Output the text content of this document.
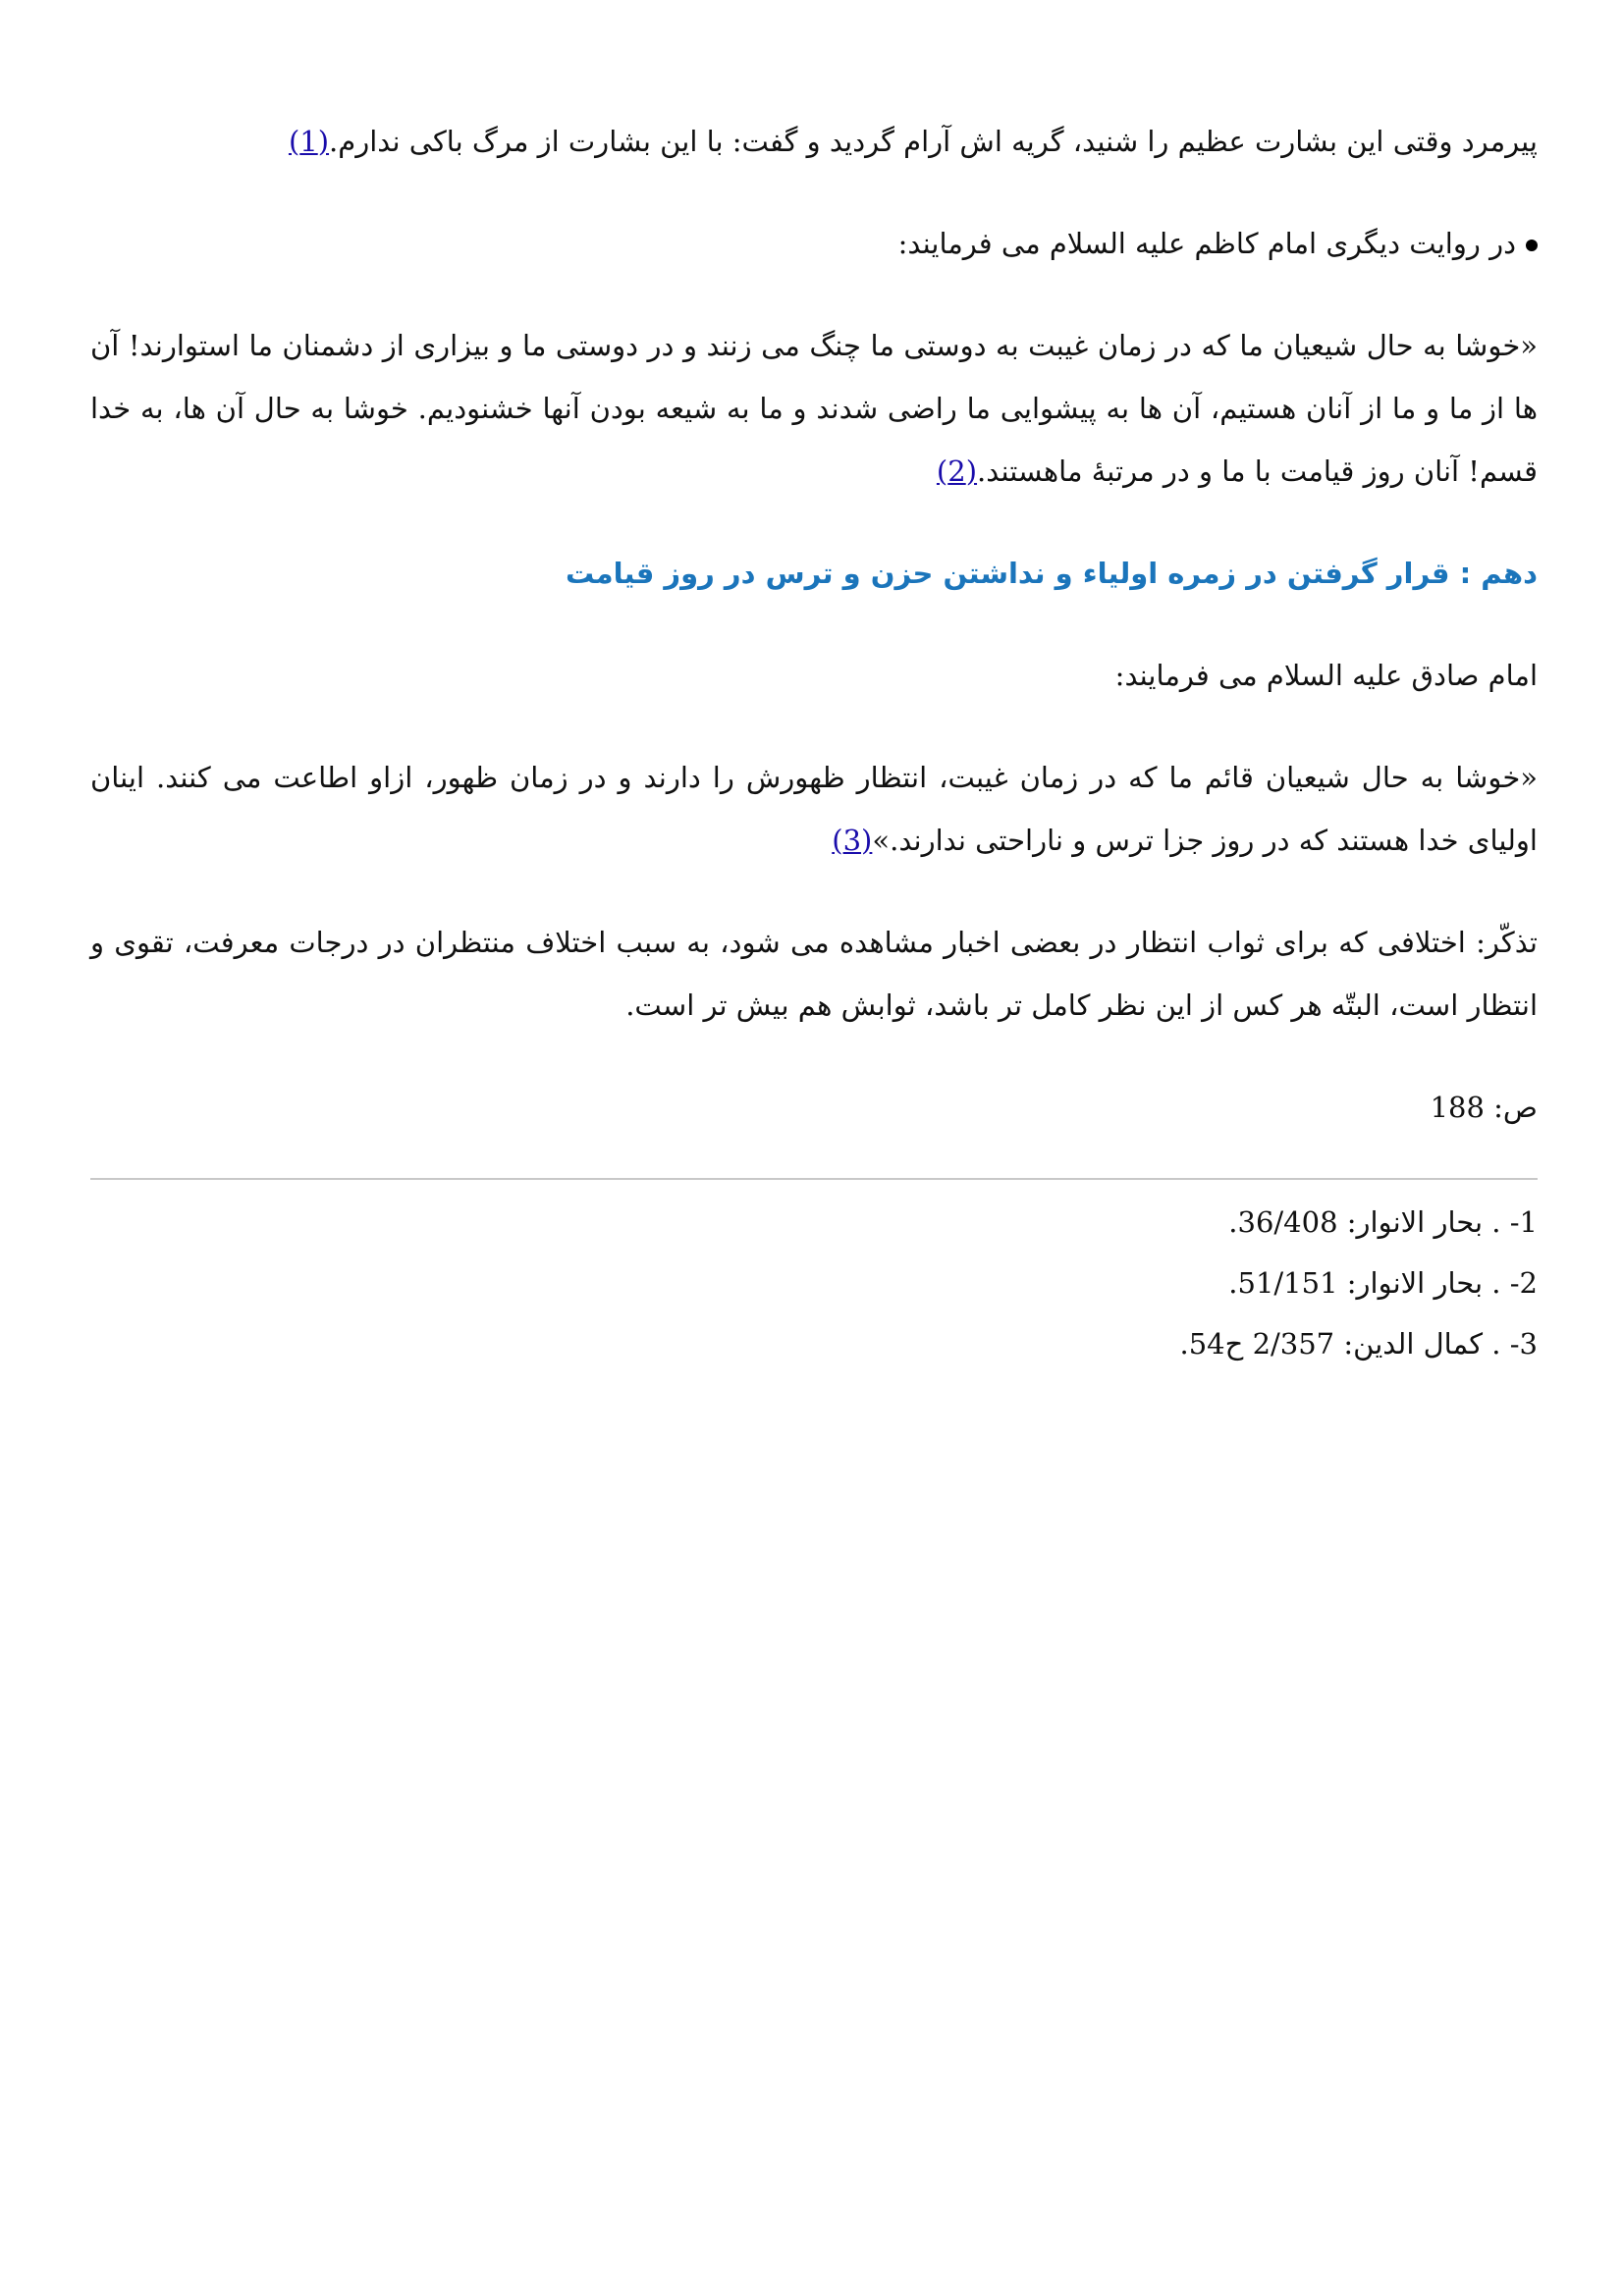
پیرمرد وقتی این بشارت عظیم را شنید، گریه اش آرام گردید و گفت: با این بشارت از مرگ باکی ندارم.(1)

در روایت دیگری امام کاظم علیه السلام می فرمایند:

«خوشا به حال شیعیان ما که در زمان غیبت به دوستی ما چنگ می زنند و در دوستی ما و بیزاری از دشمنان ما استوارند! آن ها از ما و ما از آنان هستیم، آن ها به پیشوایی ما راضی شدند و ما به شیعه بودن آنها خشنودیم. خوشا به حال آن ها، به خدا قسم! آنان روز قیامت با ما و در مرتبۀ ماهستند.(2)

دهم : قرار گرفتن در زمره اولیاء و نداشتن حزن و ترس در روز قیامت

امام صادق علیه السلام می فرمایند:

«خوشا به حال شیعیان قائم ما که در زمان غیبت، انتظار ظهورش را دارند و در زمان ظهور، ازاو اطاعت می کنند. اینان اولیای خدا هستند که در روز جزا ترس و ناراحتی ندارند.»(3)

تذکّر: اختلافی که برای ثواب انتظار در بعضی اخبار مشاهده می شود، به سبب اختلاف منتظران در درجات معرفت، تقوی و انتظار است، البتّه هر کس از این نظر کامل تر باشد، ثوابش هم بیش تر است.

ص: 188
1- . بحار الانوار: 36/408.
2- . بحار الانوار: 51/151.
3- . کمال الدین: 2/357 ح54.
